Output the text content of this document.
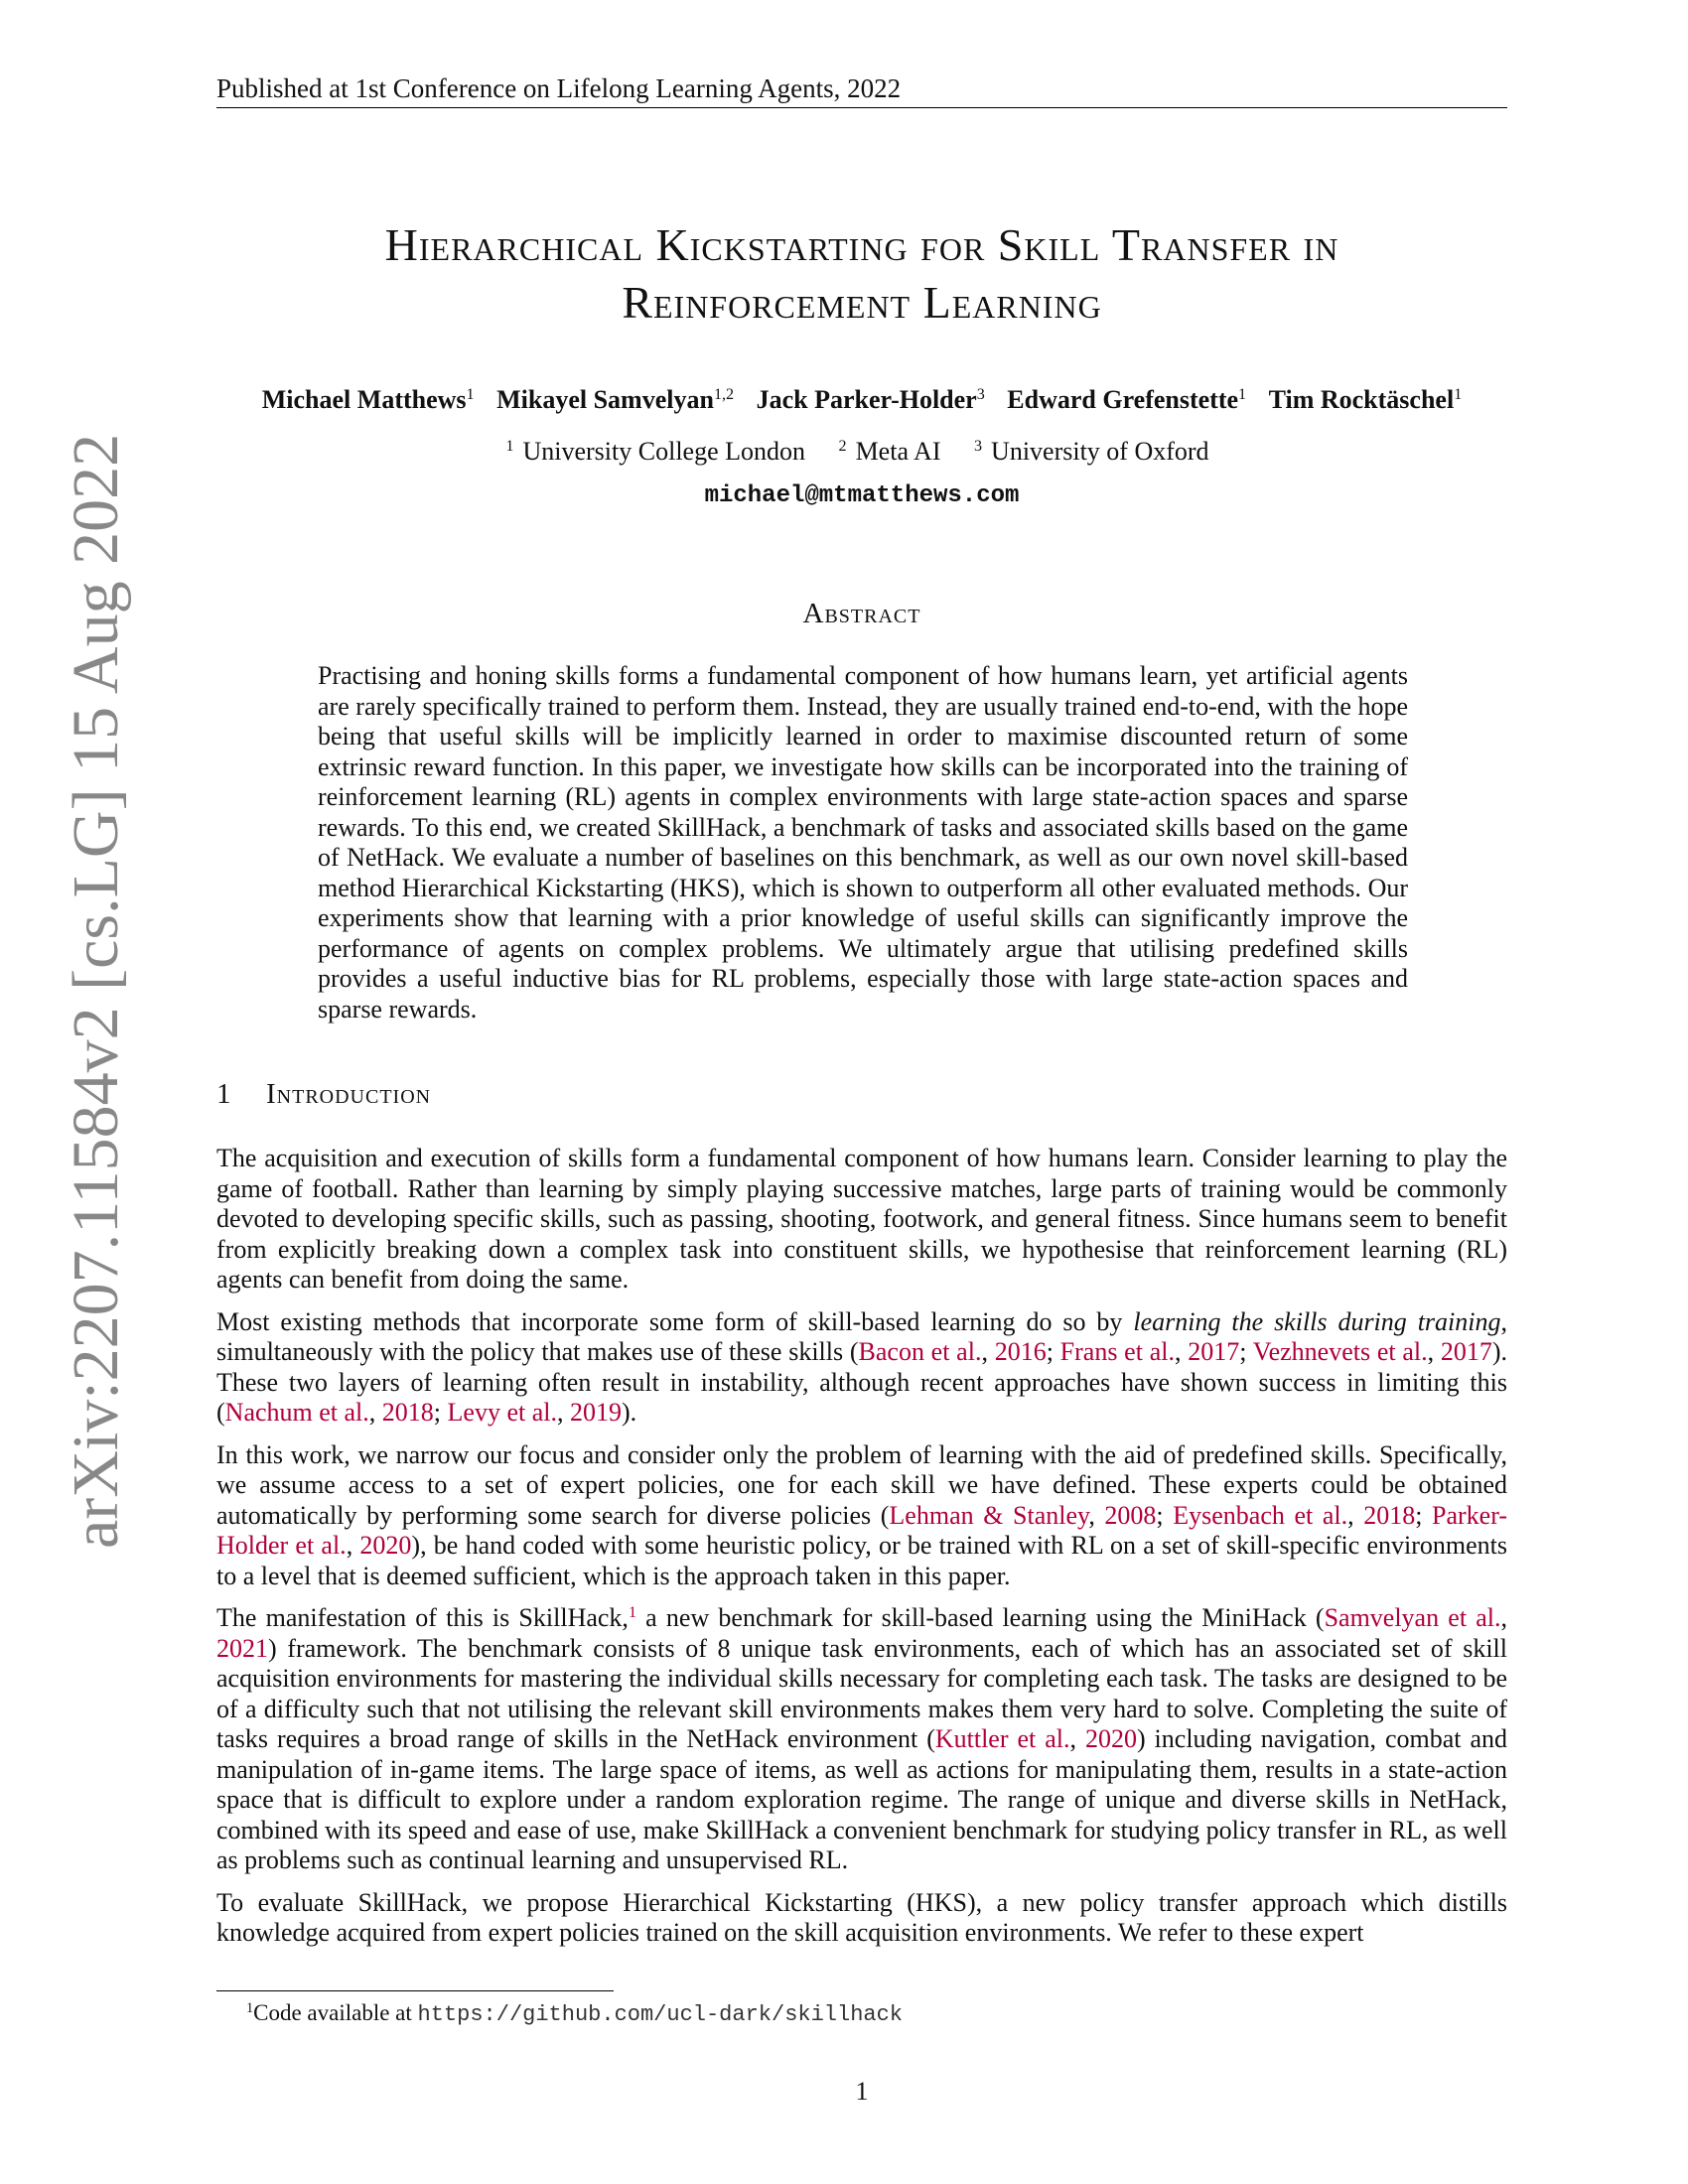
Published at 1st Conference on Lifelong Learning Agents, 2022
arXiv:2207.11584v2 [cs.LG] 15 Aug 2022
Hierarchical Kickstarting for Skill Transfer in
Reinforcement Learning
Michael Matthews$^1$ Mikayel Samvelyan$^{1,2}$ Jack Parker-Holder$^3$ Edward Grefenstette$^1$ Tim Rocktäschel$^1$
$^1$ University College London $^2$ Meta AI $^3$ University of Oxford
michael@mtmatthews.com
Abstract
Practising and honing skills forms a fundamental component of how humans learn, yet artificial agents are rarely specifically trained to perform them. Instead, they are usually trained end-to-end, with the hope being that useful skills will be implicitly learned in order to maximise discounted return of some extrinsic reward function. In this paper, we investigate how skills can be incorporated into the training of reinforcement learning (RL) agents in complex environments with large state-action spaces and sparse rewards. To this end, we created SkillHack, a benchmark of tasks and associated skills based on the game of NetHack. We evaluate a number of baselines on this benchmark, as well as our own novel skill-based method Hierarchical Kickstarting (HKS), which is shown to outperform all other evaluated methods. Our experiments show that learning with a prior knowledge of useful skills can significantly improve the performance of agents on complex problems. We ultimately argue that utilising predefined skills provides a useful inductive bias for RL problems, especially those with large state-action spaces and sparse rewards.
1 Introduction

The acquisition and execution of skills form a fundamental component of how humans learn. Consider learning to play the game of football. Rather than learning by simply playing successive matches, large parts of training would be commonly devoted to developing specific skills, such as passing, shooting, footwork, and general fitness. Since humans seem to benefit from explicitly breaking down a complex task into constituent skills, we hypothesise that reinforcement learning (RL) agents can benefit from doing the same.

Most existing methods that incorporate some form of skill-based learning do so by learning the skills during training, simultaneously with the policy that makes use of these skills (Bacon et al., 2016; Frans et al., 2017; Vezhnevets et al., 2017). These two layers of learning often result in instability, although recent approaches have shown success in limiting this (Nachum et al., 2018; Levy et al., 2019).

In this work, we narrow our focus and consider only the problem of learning with the aid of predefined skills. Specifically, we assume access to a set of expert policies, one for each skill we have defined. These experts could be obtained automatically by performing some search for diverse policies (Lehman & Stanley, 2008; Eysenbach et al., 2018; Parker-Holder et al., 2020), be hand coded with some heuristic policy, or be trained with RL on a set of skill-specific environments to a level that is deemed sufficient, which is the approach taken in this paper.

The manifestation of this is SkillHack,$^1$ a new benchmark for skill-based learning using the MiniHack (Samvelyan et al., 2021) framework. The benchmark consists of 8 unique task environments, each of which has an associated set of skill acquisition environments for mastering the individual skills necessary for completing each task. The tasks are designed to be of a difficulty such that not utilising the relevant skill environments makes them very hard to solve. Completing the suite of tasks requires a broad range of skills in the NetHack environment (Kuttler et al., 2020) including navigation, combat and manipulation of in-game items. The large space of items, as well as actions for manipulating them, results in a state-action space that is difficult to explore under a random exploration regime. The range of unique and diverse skills in NetHack, combined with its speed and ease of use, make SkillHack a convenient benchmark for studying policy transfer in RL, as well as problems such as continual learning and unsupervised RL.

To evaluate SkillHack, we propose Hierarchical Kickstarting (HKS), a new policy transfer approach which distills knowledge acquired from expert policies trained on the skill acquisition environments. We refer to these expert

$^1$Code available at https://github.com/ucl-dark/skillhack
1
